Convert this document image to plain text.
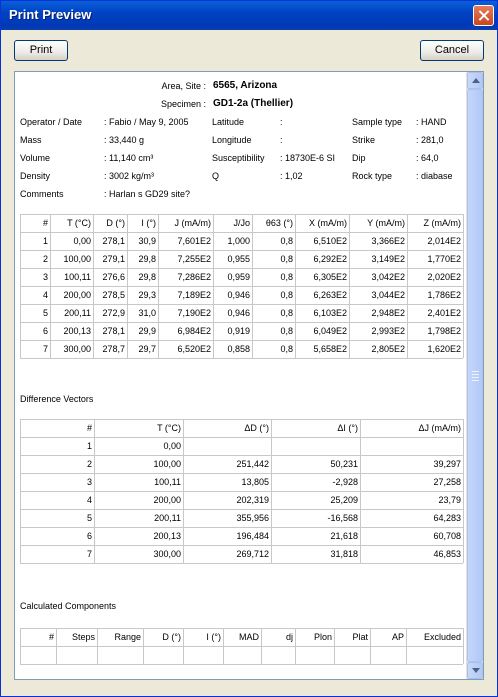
Print Preview
Print	Cancel
Area, Site : 6565, Arizona
Specimen : GD1-2a (Thellier)
Operator / Date : Fabio / May 9, 2005
Mass	: 33,440 g
Volume	: 11,140 cm³
Density	: 3002 kg/m³
Comments	: Harlan s GD29 site?
Latitude	:
Longitude	:
Susceptibility : 18730E-6 SI
Q	: 1,02
Sample type : HAND
Strike	: 281,0
Dip	: 64,0
Rock type	: diabase
Difference Vectors
Calculated Components
#	T (°C)	D (°)	I (°)	J (mA/m)	J/Jo	θ63 (°)	X (mA/m)	Y (mA/m)	Z (mA/m)
1	0,00	278,1	30,9	7,601E2	1,000	0,8	6,510E2	3,366E2	2,014E2
2	100,00	279,1	29,8	7,255E2	0,955	0,8	6,292E2	3,149E2	1,770E2
3	100,11	276,6	29,8	7,286E2	0,959	0,8	6,305E2	3,042E2	2,020E2
4	200,00	278,5	29,3	7,189E2	0,946	0,8	6,263E2	3,044E2	1,786E2
5	200,11	272,9	31,0	7,190E2	0,946	0,8	6,103E2	2,948E2	2,401E2
6	200,13	278,1	29,9	6,984E2	0,919	0,8	6,049E2	2,993E2	1,798E2
7	300,00	278,7	29,7	6,520E2	0,858	0,8	5,658E2	2,805E2	1,620E2
#	T (°C)	ΔD (°)	ΔI (°)	ΔJ (mA/m)
1	0,00
2	100,00	251,442	50,231	39,297
3	100,11	13,805	-2,928	27,258
4	200,00	202,319	25,209	23,79
5	200,11	355,956	-16,568	64,283
6	200,13	196,484	21,618	60,708
7	300,00	269,712	31,818	46,853
#	Steps	Range	D (°)	I (°)	MAD	dj	Plon	Plat	AP	Excluded
